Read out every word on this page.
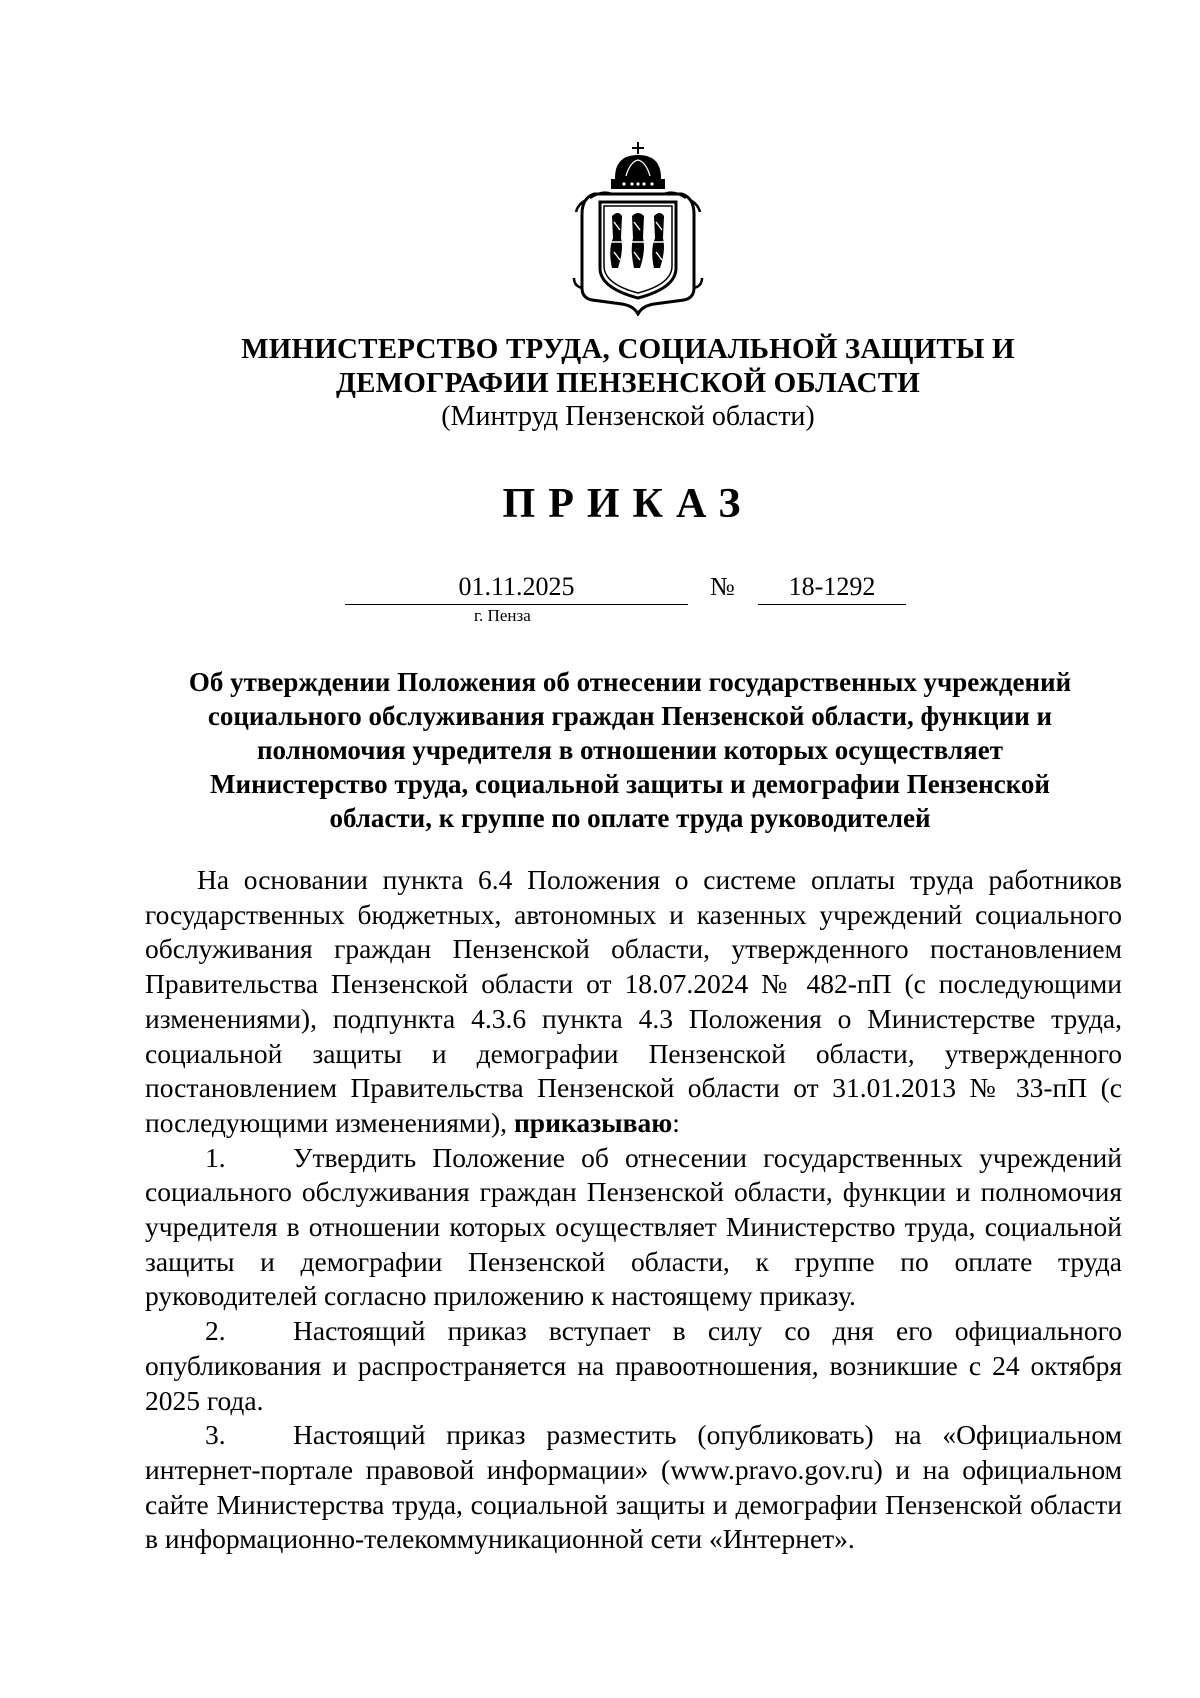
МИНИСТЕРСТВО ТРУДА, СОЦИАЛЬНОЙ ЗАЩИТЫ И
ДЕМОГРАФИИ ПЕНЗЕНСКОЙ ОБЛАСТИ
(Минтруд Пензенской области)
ПРИКАЗ
01.11.2025	№	18-1292
г. Пенза
Об утверждении Положения об отнесении государственных учреждений
социального обслуживания граждан Пензенской области, функции и
полномочия учредителя в отношении которых осуществляет
Министерство труда, социальной защиты и демографии Пензенской
области, к группе по оплате труда руководителей

На основании пункта 6.4 Положения о системе оплаты труда работников государственных бюджетных, автономных и казенных учреждений социального обслуживания граждан Пензенской области, утвержденного постановлением Правительства Пензенской области от 18.07.2024 № 482-пП (с последующими изменениями), подпункта 4.3.6 пункта 4.3 Положения о Министерстве труда, социальной защиты и демографии Пензенской области, утвержденного постановлением Правительства Пензенской области от 31.01.2013 № 33-пП (с последующими изменениями), приказываю:

1. Утвердить Положение об отнесении государственных учреждений социального обслуживания граждан Пензенской области, функции и полномочия учредителя в отношении которых осуществляет Министерство труда, социальной защиты и демографии Пензенской области, к группе по оплате труда руководителей согласно приложению к настоящему приказу.

2. Настоящий приказ вступает в силу со дня его официального опубликования и распространяется на правоотношения, возникшие с 24 октября 2025 года.

3. Настоящий приказ разместить (опубликовать) на «Официальном интернет-портале правовой информации» (www.pravo.gov.ru) и на официальном сайте Министерства труда, социальной защиты и демографии Пензенской области в информационно-телекоммуникационной сети «Интернет».
